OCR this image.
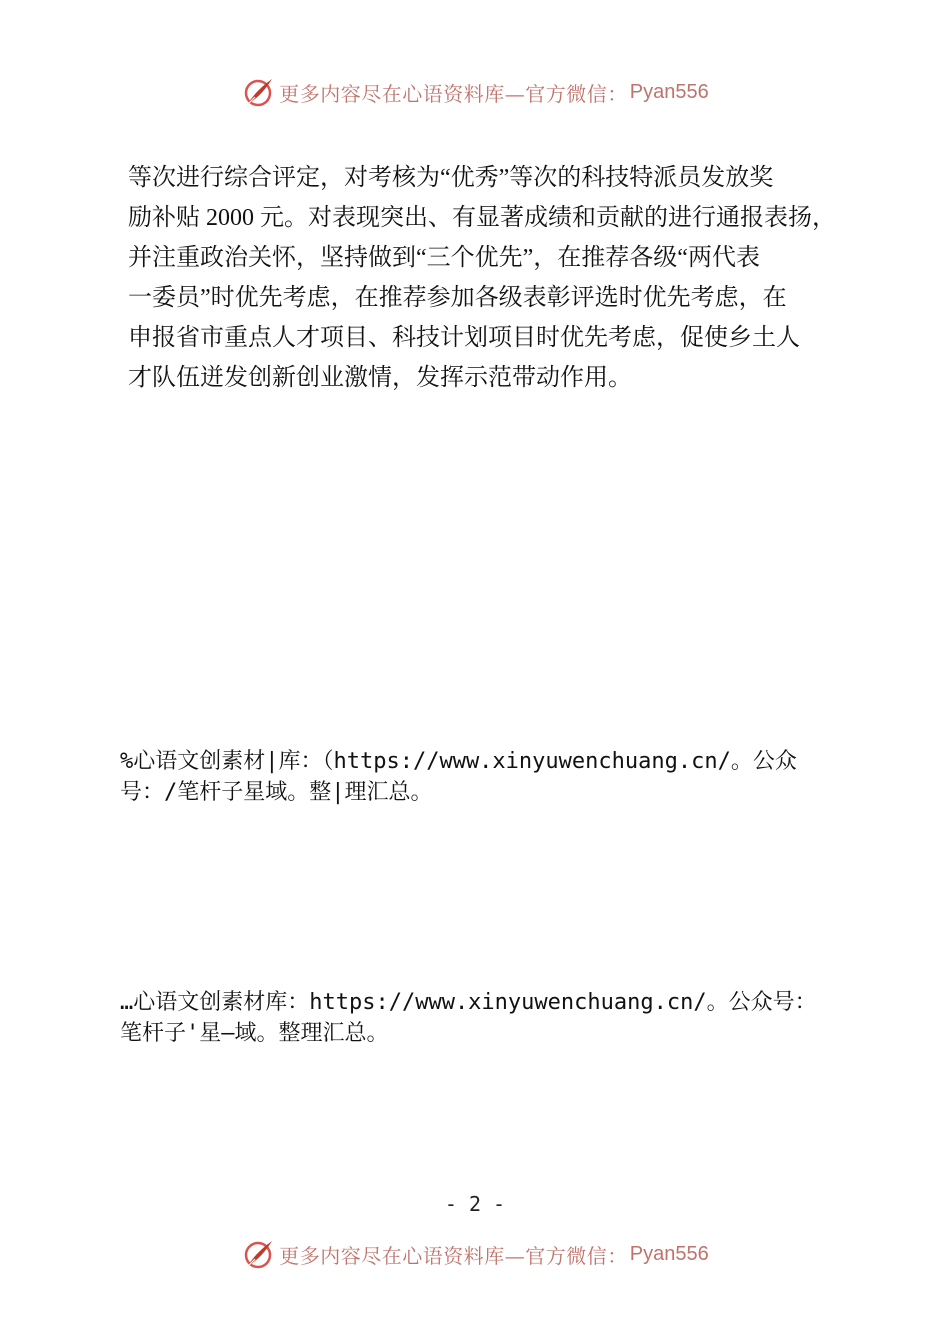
更多内容尽在心语资料库—官方微信： Pyan556
等次进行综合评定，对考核为“优秀”等次的科技特派员发放奖
励补贴 2000 元。对表现突出、有显著成绩和贡献的进行通报表扬，
并注重政治关怀，坚持做到“三个优先”，在推荐各级“两代表
一委员”时优先考虑，在推荐参加各级表彰评选时优先考虑，在
申报省市重点人才项目、科技计划项目时优先考虑，促使乡土人
才队伍迸发创新创业激情，发挥示范带动作用。
%心语文创素材|库：（https://www.xinyuwenchuang.cn/。公众
号：/笔杆子星域。整|理汇总。
…心语文创素材库：https://www.xinyuwenchuang.cn/。公众号：
笔杆子'星—域。整理汇总。
- 2 -
更多内容尽在心语资料库—官方微信： Pyan556
